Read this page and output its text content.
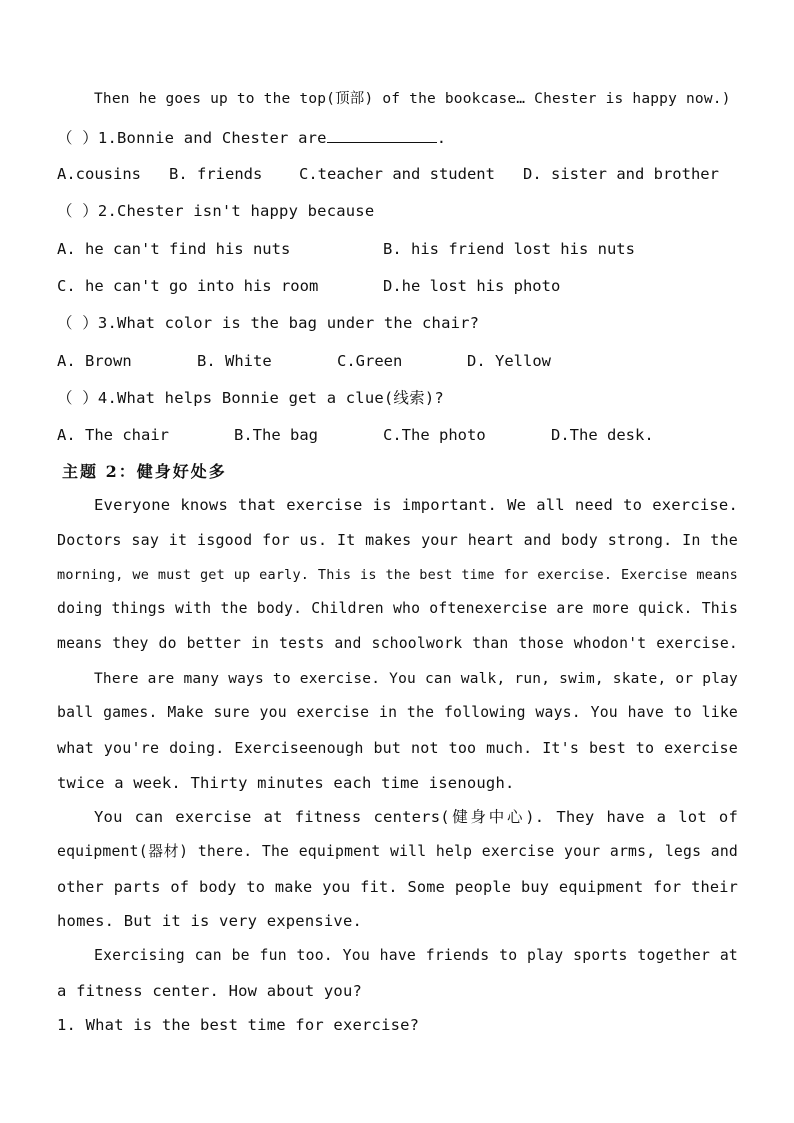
Then he goes up to the top(顶部) of the bookcase… Chester is happy now.)
（ ）1.Bonnie and Chester are	.
A.cousins B. friends C.teacher and student D. sister and brother
（ ）2.Chester isn't happy because
A. he can't find his nuts	B. his friend lost his nuts
C. he can't go into his room	D.he lost his photo
（ ）3.What color is the bag under the chair?
A. Brown	B. White	C.Green	D. Yellow
（ ）4.What helps Bonnie get a clue(线索)?
A. The chair	B.The bag	C.The photo	D.The desk.
主题 2：健身好处多
Everyone knows that exercise is important. We all need to exercise.
Doctors say it isgood for us. It makes your heart and body strong. In the
morning, we must get up early. This is the best time for exercise. Exercise means
doing things with the body. Children who oftenexercise are more quick. This
means they do better in tests and schoolwork than those whodon't exercise.
There are many ways to exercise. You can walk, run, swim, skate, or play
ball games. Make sure you exercise in the following ways. You have to like
what you're doing. Exerciseenough but not too much. It's best to exercise
twice a week. Thirty minutes each time isenough.
You can exercise at fitness centers(健身中心). They have a lot of
equipment(器材) there. The equipment will help exercise your arms, legs and
other parts of body to make you fit. Some people buy equipment for their
homes. But it is very expensive.
Exercising can be fun too. You have friends to play sports together at
a fitness center. How about you?
1. What is the best time for exercise?
